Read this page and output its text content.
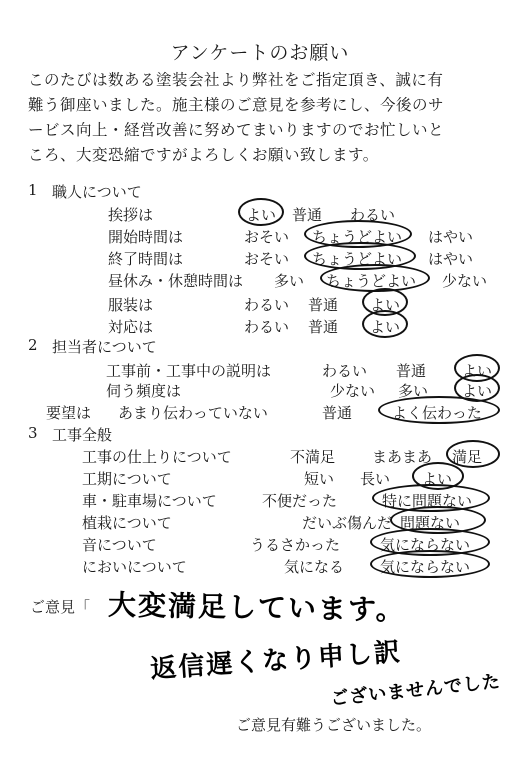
アンケートのお願い
このたびは数ある塗装会社より弊社をご指定頂き、誠に有
難う御座いました。施主様のご意見を参考にし、今後のサ
ービス向上・経営改善に努めてまいりますのでお忙しいと
ころ、大変恐縮ですがよろしくお願い致します。
1 職人について
挨拶は	よい 普通 わるい
開始時間は	おそい ちょうどよい はやい
終了時間は	おそい ちょうどよい はやい
昼休み・休憩時間は 多い ちょうどよい 少ない
服装は	わるい 普通 よい
対応は	わるい 普通 よい
2 担当者について
工事前・工事中の説明は	わるい 普通 よい
伺う頻度は	少ない 多い よい
要望は あまり伝わっていない	普通	よく伝わった
3 工事全般
工事の仕上りについて	不満足 まあまあ 満足
工期について	短い 長い よい
車・駐車場について	不便だった	特に問題ない
植栽について	だいぶ傷んだ 問題ない
音について	うるさかった	気にならない
においについて	気になる 気にならない
ご意見「 大変満足しています。
返信遅くなり申し訳
ございませんでした
ご意見有難うございました。
